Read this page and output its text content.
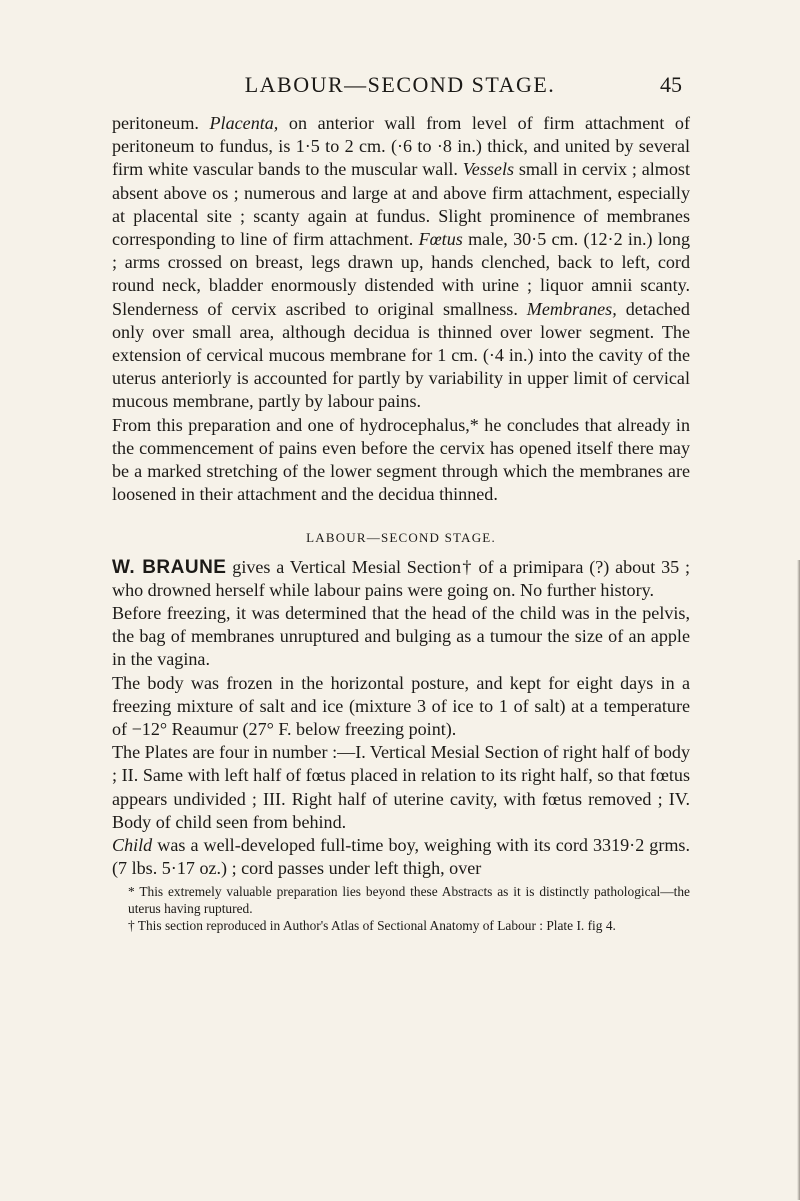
LABOUR—SECOND STAGE.	45

peritoneum. Placenta, on anterior wall from level of firm attachment of peritoneum to fundus, is 1·5 to 2 cm. (·6 to ·8 in.) thick, and united by several firm white vascular bands to the muscular wall. Vessels small in cervix ; almost absent above os ; numerous and large at and above firm attachment, especially at placental site ; scanty again at fundus. Slight prominence of membranes corresponding to line of firm attachment. Fœtus male, 30·5 cm. (12·2 in.) long ; arms crossed on breast, legs drawn up, hands clenched, back to left, cord round neck, bladder enormously distended with urine ; liquor amnii scanty. Slenderness of cervix ascribed to original smallness. Membranes, detached only over small area, although decidua is thinned over lower segment. The extension of cervical mucous membrane for 1 cm. (·4 in.) into the cavity of the uterus anteriorly is accounted for partly by variability in upper limit of cervical mucous membrane, partly by labour pains.

From this preparation and one of hydrocephalus,* he concludes that already in the commencement of pains even before the cervix has opened itself there may be a marked stretching of the lower segment through which the membranes are loosened in their attachment and the decidua thinned.

LABOUR—SECOND STAGE.

W. BRAUNE gives a Vertical Mesial Section† of a primipara (?) about 35 ; who drowned herself while labour pains were going on. No further history.

Before freezing, it was determined that the head of the child was in the pelvis, the bag of membranes unruptured and bulging as a tumour the size of an apple in the vagina.

The body was frozen in the horizontal posture, and kept for eight days in a freezing mixture of salt and ice (mixture 3 of ice to 1 of salt) at a temperature of −12° Reaumur (27° F. below freezing point).

The Plates are four in number :—I. Vertical Mesial Section of right half of body ; II. Same with left half of fœtus placed in relation to its right half, so that fœtus appears undivided ; III. Right half of uterine cavity, with fœtus removed ; IV. Body of child seen from behind.

Child was a well-developed full-time boy, weighing with its cord 3319·2 grms. (7 lbs. 5·17 oz.) ; cord passes under left thigh, over

* This extremely valuable preparation lies beyond these Abstracts as it is distinctly pathological—the uterus having ruptured.

† This section reproduced in Author's Atlas of Sectional Anatomy of Labour : Plate I. fig 4.
